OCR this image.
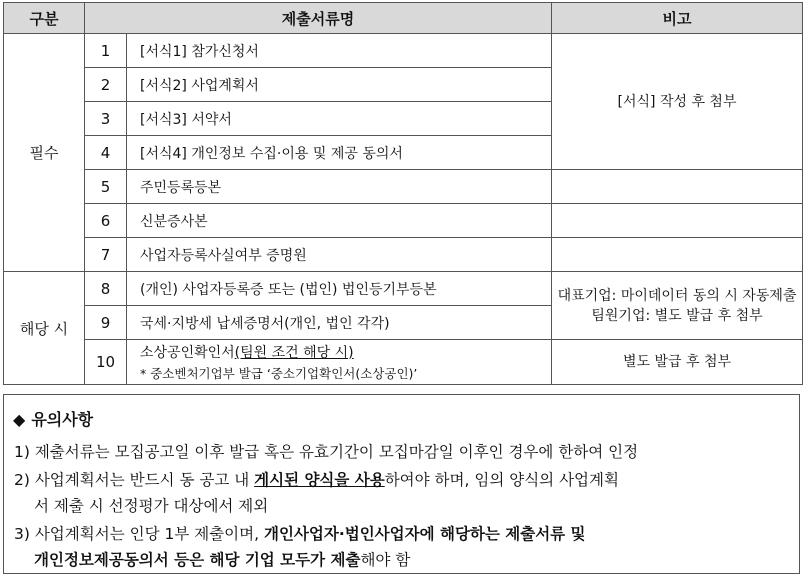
구분	제출서류명		비고
필수	1	[서식1] 참가신청서	[서식] 작성 후 첨부
	2	[서식2] 사업계획서	
	3	[서식3] 서약서	
	4	[서식4] 개인정보 수집·이용 및 제공 동의서	
	5	주민등록등본	
	6	신분증사본	
	7	사업자등록사실여부 증명원	
해당 시	8	(개인) 사업자등록증 또는 (법인) 법인등기부등본	대표기업: 마이데이터 동의 시 자동제출
팀원기업: 별도 발급 후 첨부
	9	국세·지방세 납세증명서(개인, 법인 각각)	
	10	소상공인확인서(팀원 조건 해당 시)
* 중소벤처기업부 발급 ‘중소기업확인서(소상공인)’	별도 발급 후 첨부
◆ 유의사항
1) 제출서류는 모집공고일 이후 발급 혹은 유효기간이 모집마감일 이후인 경우에 한하여 인정
2) 사업계획서는 반드시 동 공고 내 게시된 양식을 사용하여야 하며, 임의 양식의 사업계획
서 제출 시 선정평가 대상에서 제외
3) 사업계획서는 인당 1부 제출이며, 개인사업자·법인사업자에 해당하는 제출서류 및
개인정보제공동의서 등은 해당 기업 모두가 제출해야 함
